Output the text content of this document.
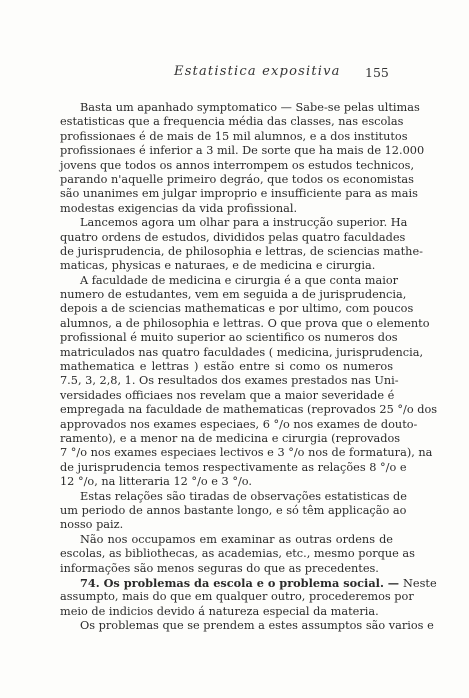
Estatistica expositiva 155
Basta um apanhado symptomatico — Sabe-se pelas ultimas
estatisticas que a frequencia média das classes, nas escolas
profissionaes é de mais de 15 mil alumnos, e a dos institutos
profissionaes é inferior a 3 mil. De sorte que ha mais de 12.000
jovens que todos os annos interrompem os estudos technicos,
parando n'aquelle primeiro degráo, que todos os economistas
são unanimes em julgar improprio e insufficiente para as mais
modestas exigencias da vida profissional.
Lancemos agora um olhar para a instrucção superior. Ha
quatro ordens de estudos, divididos pelas quatro faculdades
de jurisprudencia, de philosophia e lettras, de sciencias mathe-
maticas, physicas e naturaes, e de medicina e cirurgia.
A faculdade de medicina e cirurgia é a que conta maior
numero de estudantes, vem em seguida a de jurisprudencia,
depois a de sciencias mathematicas e por ultimo, com poucos
alumnos, a de philosophia e lettras. O que prova que o elemento
profissional é muito superior ao scientifico os numeros dos
matriculados nas quatro faculdades ( medicina, jurisprudencia,
mathematica e lettras ) estão entre si como os numeros
7.5, 3, 2,8, 1. Os resultados dos exames prestados nas Uni-
versidades officiaes nos revelam que a maior severidade é
empregada na faculdade de mathematicas (reprovados 25 °/o dos
approvados nos exames especiaes, 6 °/o nos exames de douto-
ramento), e a menor na de medicina e cirurgia (reprovados
7 °/o nos exames especiaes lectivos e 3 °/o nos de formatura), na
de jurisprudencia temos respectivamente as relações 8 °/o e
12 °/o, na litteraria 12 °/o e 3 °/o.
Estas relações são tiradas de observações estatisticas de
um periodo de annos bastante longo, e só têm applicação ao
nosso paiz.
Não nos occupamos em examinar as outras ordens de
escolas, as bibliothecas, as academias, etc., mesmo porque as
informações são menos seguras do que as precedentes.
74. Os problemas da escola e o problema social. — Neste
assumpto, mais do que em qualquer outro, procederemos por
meio de indicios devido á natureza especial da materia.
Os problemas que se prendem a estes assumptos são varios e
